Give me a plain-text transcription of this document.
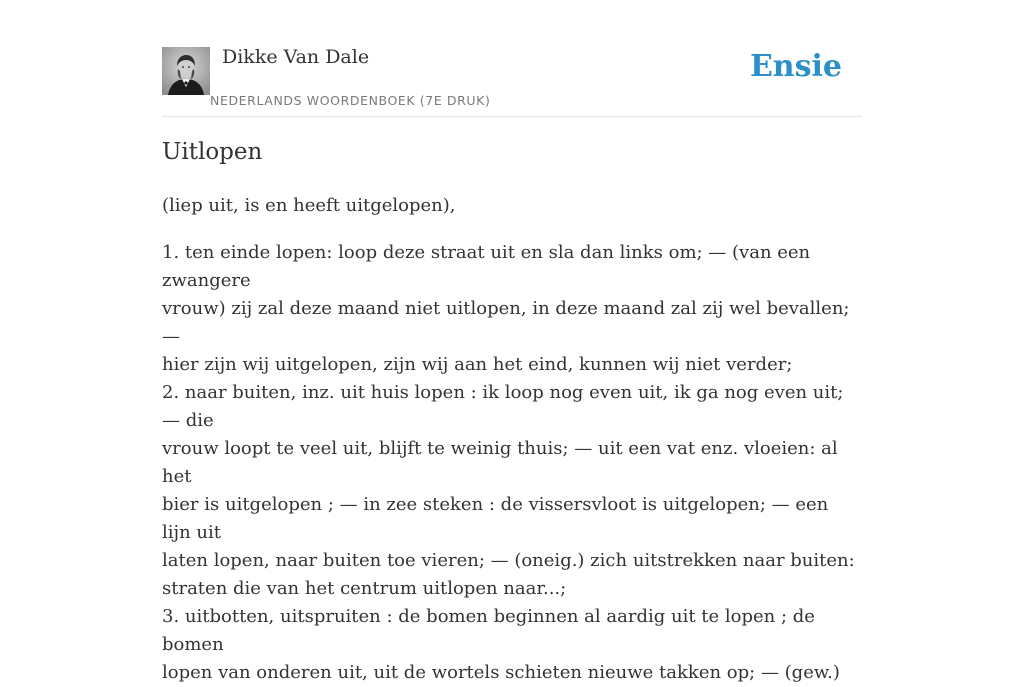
Dikke Van Dale
NEDERLANDS WOORDENBOEK (7E DRUK)
Ensie
Uitlopen

(liep uit, is en heeft uitgelopen),

1. ten einde lopen: loop deze straat uit en sla dan links om; — (van een zwangere
vrouw) zij zal deze maand niet uitlopen, in deze maand zal zij wel bevallen; —
hier zijn wij uitgelopen, zijn wij aan het eind, kunnen wij niet verder;
2. naar buiten, inz. uit huis lopen : ik loop nog even uit, ik ga nog even uit; — die
vrouw loopt te veel uit, blijft te weinig thuis; — uit een vat enz. vloeien: al het
bier is uitgelopen ; — in zee steken : de vissersvloot is uitgelopen; — een lijn uit
laten lopen, naar buiten toe vieren; — (oneig.) zich uitstrekken naar buiten:
straten die van het centrum uitlopen naar...;
3. uitbotten, uitspruiten : de bomen beginnen al aardig uit te lopen ; de bomen
lopen van onderen uit, uit de wortels schieten nieuwe takken op; — (gew.)
